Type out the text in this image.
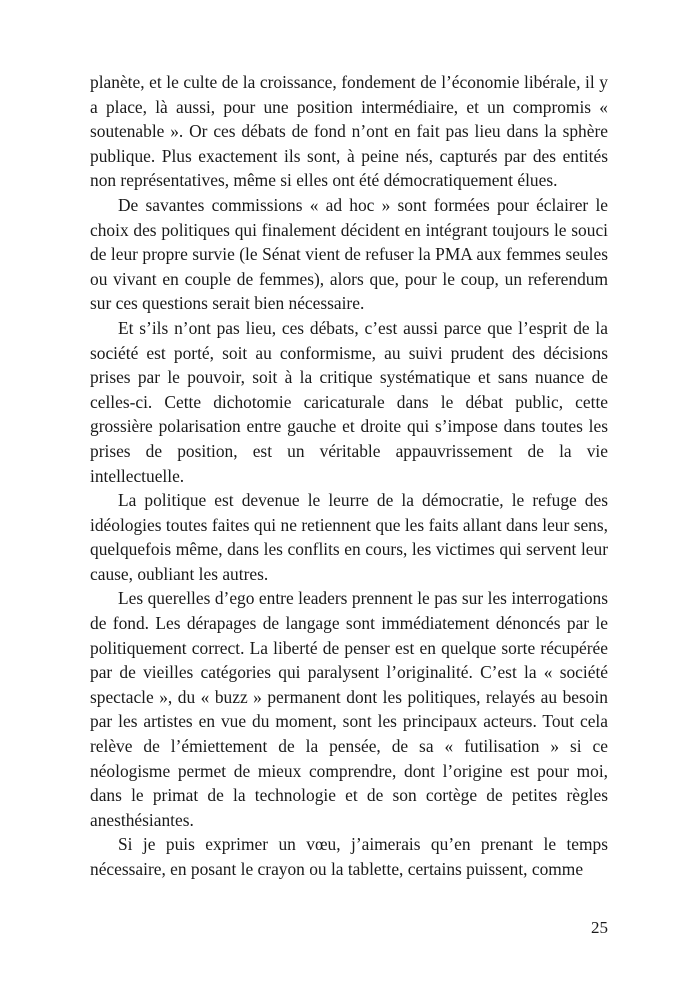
planète, et le culte de la croissance, fondement de l’économie libérale, il y a place, là aussi, pour une position intermédiaire, et un compromis « soutenable ». Or ces débats de fond n’ont en fait pas lieu dans la sphère publique. Plus exactement ils sont, à peine nés, capturés par des entités non représentatives, même si elles ont été démocratiquement élues.

De savantes commissions « ad hoc » sont formées pour éclairer le choix des politiques qui finalement décident en intégrant toujours le souci de leur propre survie (le Sénat vient de refuser la PMA aux femmes seules ou vivant en couple de femmes), alors que, pour le coup, un referendum sur ces questions serait bien nécessaire.

Et s’ils n’ont pas lieu, ces débats, c’est aussi parce que l’esprit de la société est porté, soit au conformisme, au suivi prudent des décisions prises par le pouvoir, soit à la critique systématique et sans nuance de celles-ci. Cette dichotomie caricaturale dans le débat public, cette grossière polarisation entre gauche et droite qui s’impose dans toutes les prises de position, est un véritable appauvrissement de la vie intellectuelle.

La politique est devenue le leurre de la démocratie, le refuge des idéologies toutes faites qui ne retiennent que les faits allant dans leur sens, quelquefois même, dans les conflits en cours, les victimes qui servent leur cause, oubliant les autres.

Les querelles d’ego entre leaders prennent le pas sur les interrogations de fond. Les dérapages de langage sont immédiatement dénoncés par le politiquement correct. La liberté de penser est en quelque sorte récupérée par de vieilles catégories qui paralysent l’originalité. C’est la « société spectacle », du « buzz » permanent dont les politiques, relayés au besoin par les artistes en vue du moment, sont les principaux acteurs. Tout cela relève de l’émiettement de la pensée, de sa « futilisation » si ce néologisme permet de mieux comprendre, dont l’origine est pour moi, dans le primat de la technologie et de son cortège de petites règles anesthésiantes.

Si je puis exprimer un vœu, j’aimerais qu’en prenant le temps nécessaire, en posant le crayon ou la tablette, certains puissent, comme

25
